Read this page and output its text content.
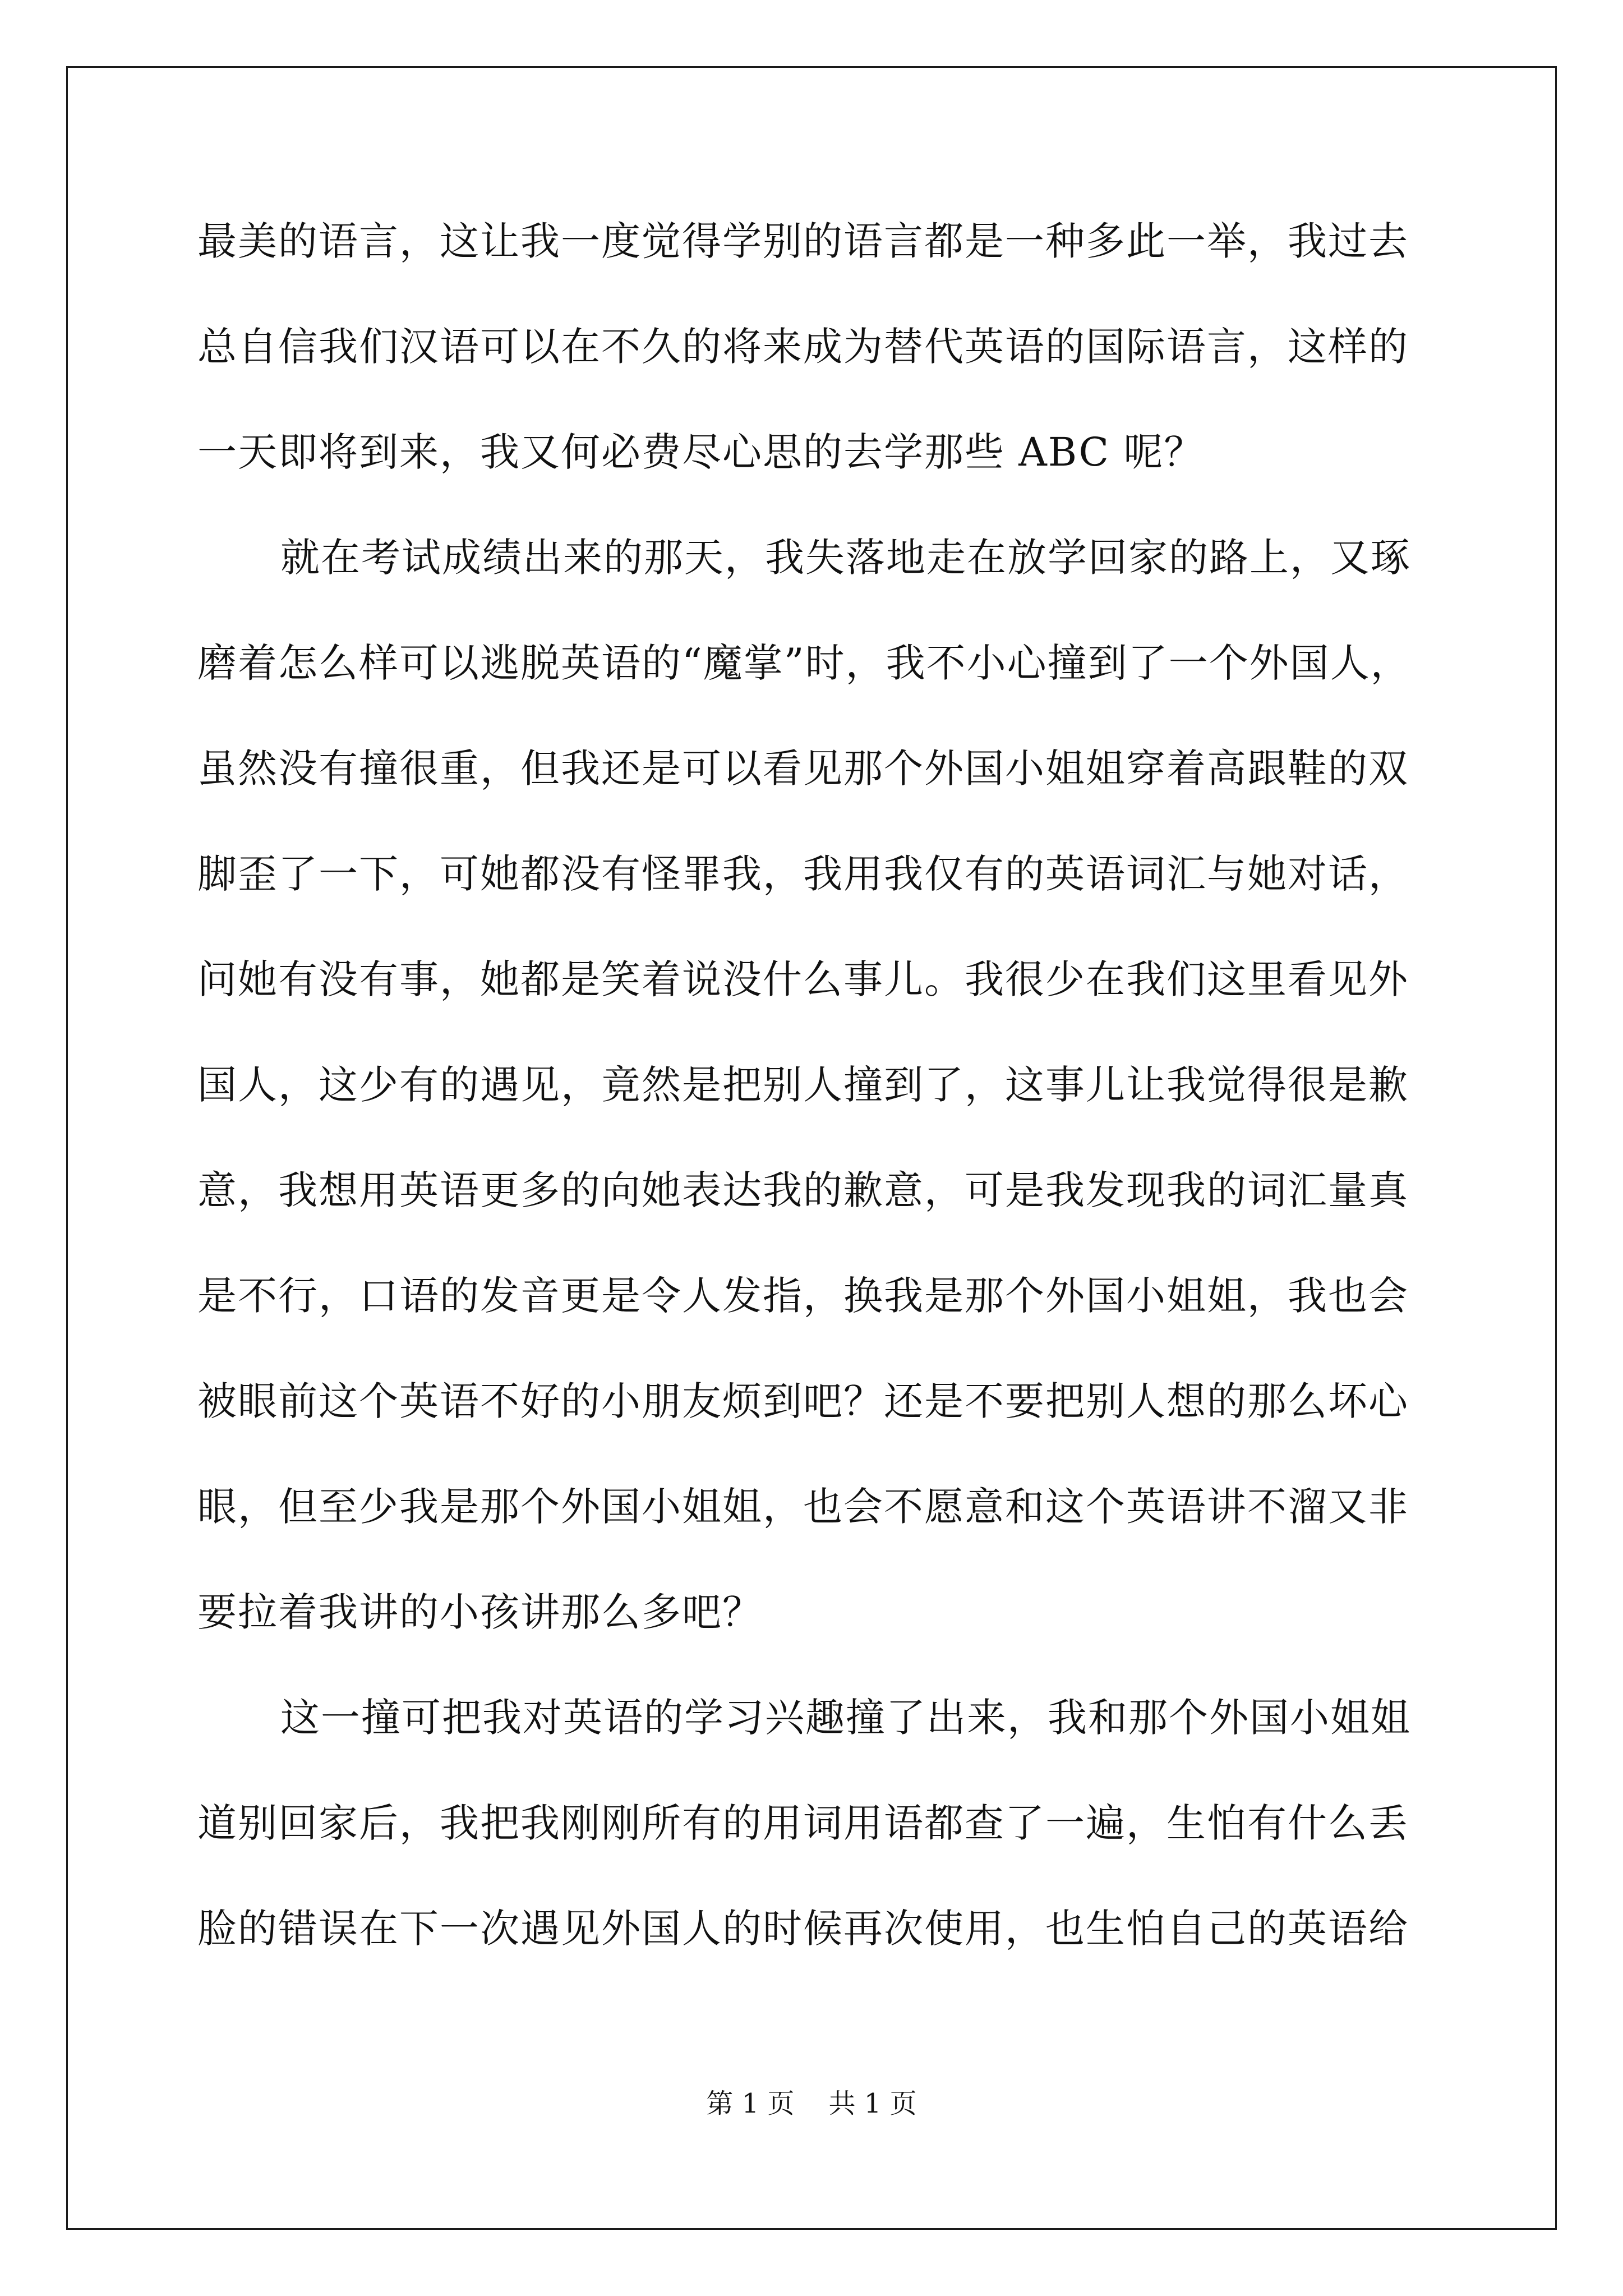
最美的语言，这让我一度觉得学别的语言都是一种多此一举，我过去
总自信我们汉语可以在不久的将来成为替代英语的国际语言，这样的
一天即将到来，我又何必费尽心思的去学那些 ABC 呢？
就在考试成绩出来的那天，我失落地走在放学回家的路上，又琢
磨着怎么样可以逃脱英语的“魔掌”时，我不小心撞到了一个外国人，
虽然没有撞很重，但我还是可以看见那个外国小姐姐穿着高跟鞋的双
脚歪了一下，可她都没有怪罪我，我用我仅有的英语词汇与她对话，
问她有没有事，她都是笑着说没什么事儿。我很少在我们这里看见外
国人，这少有的遇见，竟然是把别人撞到了，这事儿让我觉得很是歉
意，我想用英语更多的向她表达我的歉意，可是我发现我的词汇量真
是不行，口语的发音更是令人发指，换我是那个外国小姐姐，我也会
被眼前这个英语不好的小朋友烦到吧？还是不要把别人想的那么坏心
眼，但至少我是那个外国小姐姐，也会不愿意和这个英语讲不溜又非
要拉着我讲的小孩讲那么多吧？
这一撞可把我对英语的学习兴趣撞了出来，我和那个外国小姐姐
道别回家后，我把我刚刚所有的用词用语都查了一遍，生怕有什么丢
脸的错误在下一次遇见外国人的时候再次使用，也生怕自己的英语给
第 1 页    共 1 页
